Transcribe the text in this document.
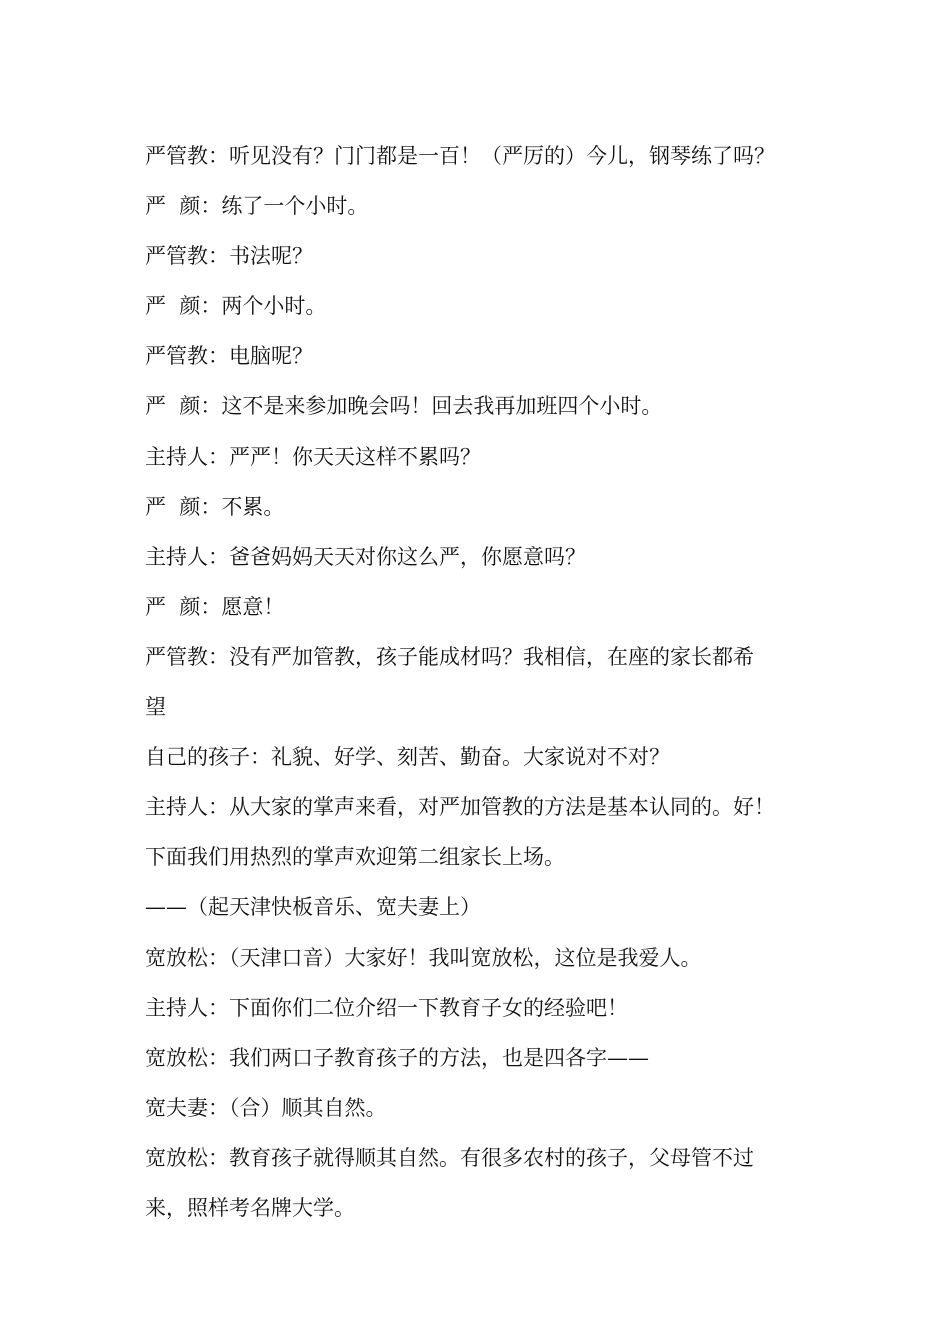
严管教：听见没有？门门都是一百！（严厉的）今儿，钢琴练了吗？

严  颜：练了一个小时。

严管教：书法呢？

严  颜：两个小时。

严管教：电脑呢？

严  颜：这不是来参加晚会吗！回去我再加班四个小时。

主持人：严严！你天天这样不累吗？

严  颜：不累。

主持人：爸爸妈妈天天对你这么严，你愿意吗？

严  颜：愿意！

严管教：没有严加管教，孩子能成材吗？我相信，在座的家长都希

望

自己的孩子：礼貌、好学、刻苦、勤奋。大家说对不对？

主持人：从大家的掌声来看，对严加管教的方法是基本认同的。好！

下面我们用热烈的掌声欢迎第二组家长上场。

——（起天津快板音乐、宽夫妻上）

宽放松：（天津口音）大家好！我叫宽放松，这位是我爱人。

主持人：下面你们二位介绍一下教育子女的经验吧！

宽放松：我们两口子教育孩子的方法，也是四各字——

宽夫妻：（合）顺其自然。

宽放松：教育孩子就得顺其自然。有很多农村的孩子，父母管不过

来，照样考名牌大学。
